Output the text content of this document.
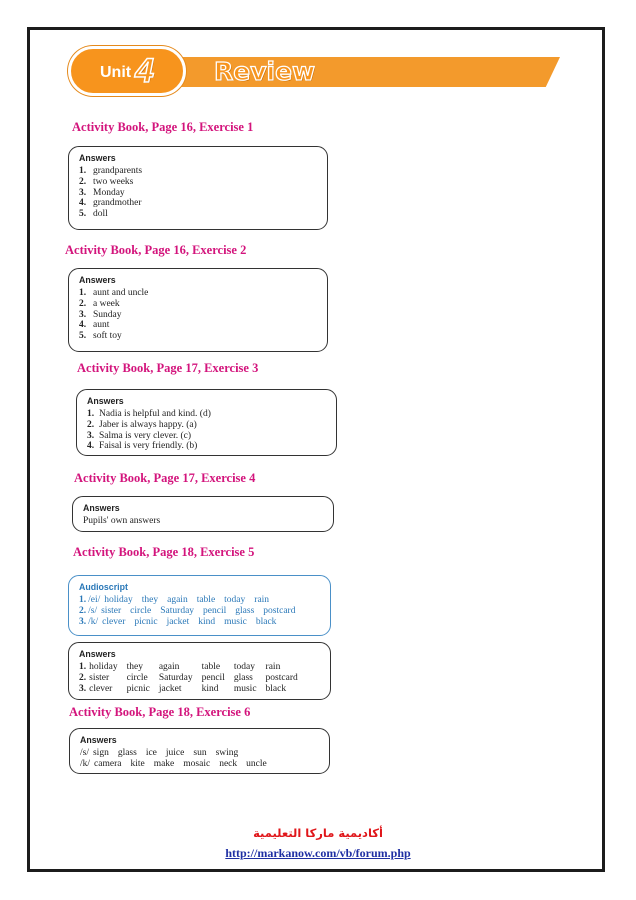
Unit 4 Review
Activity Book, Page 16, Exercise 1
Answers
1. grandparents
2. two weeks
3. Monday
4. grandmother
5. doll
Activity Book, Page 16, Exercise 2
Answers
1. aunt and uncle
2. a week
3. Sunday
4. aunt
5. soft toy
Activity Book, Page 17, Exercise 3
Answers
1. Nadia is helpful and kind. (d)
2. Jaber is always happy. (a)
3. Salma is very clever. (c)
4. Faisal is very friendly. (b)
Activity Book, Page 17, Exercise 4
Answers
Pupils' own answers
Activity Book, Page 18, Exercise 5
Audioscript
1. /ei/ holiday they again table today rain
2. /s/ sister circle Saturday pencil glass postcard
3. /k/ clever picnic jacket kind music black
Answers
1.	holiday	they	again	table	today	rain
2.	sister	circle	Saturday	pencil	glass	postcard
3.	clever	picnic	jacket	kind	music	black
Activity Book, Page 18, Exercise 6
Answers
/s/ sign glass ice juice sun swing
/k/ camera kite make mosaic neck uncle
أكاديمية ماركا التعليمية
http://markanow.com/vb/forum.php
